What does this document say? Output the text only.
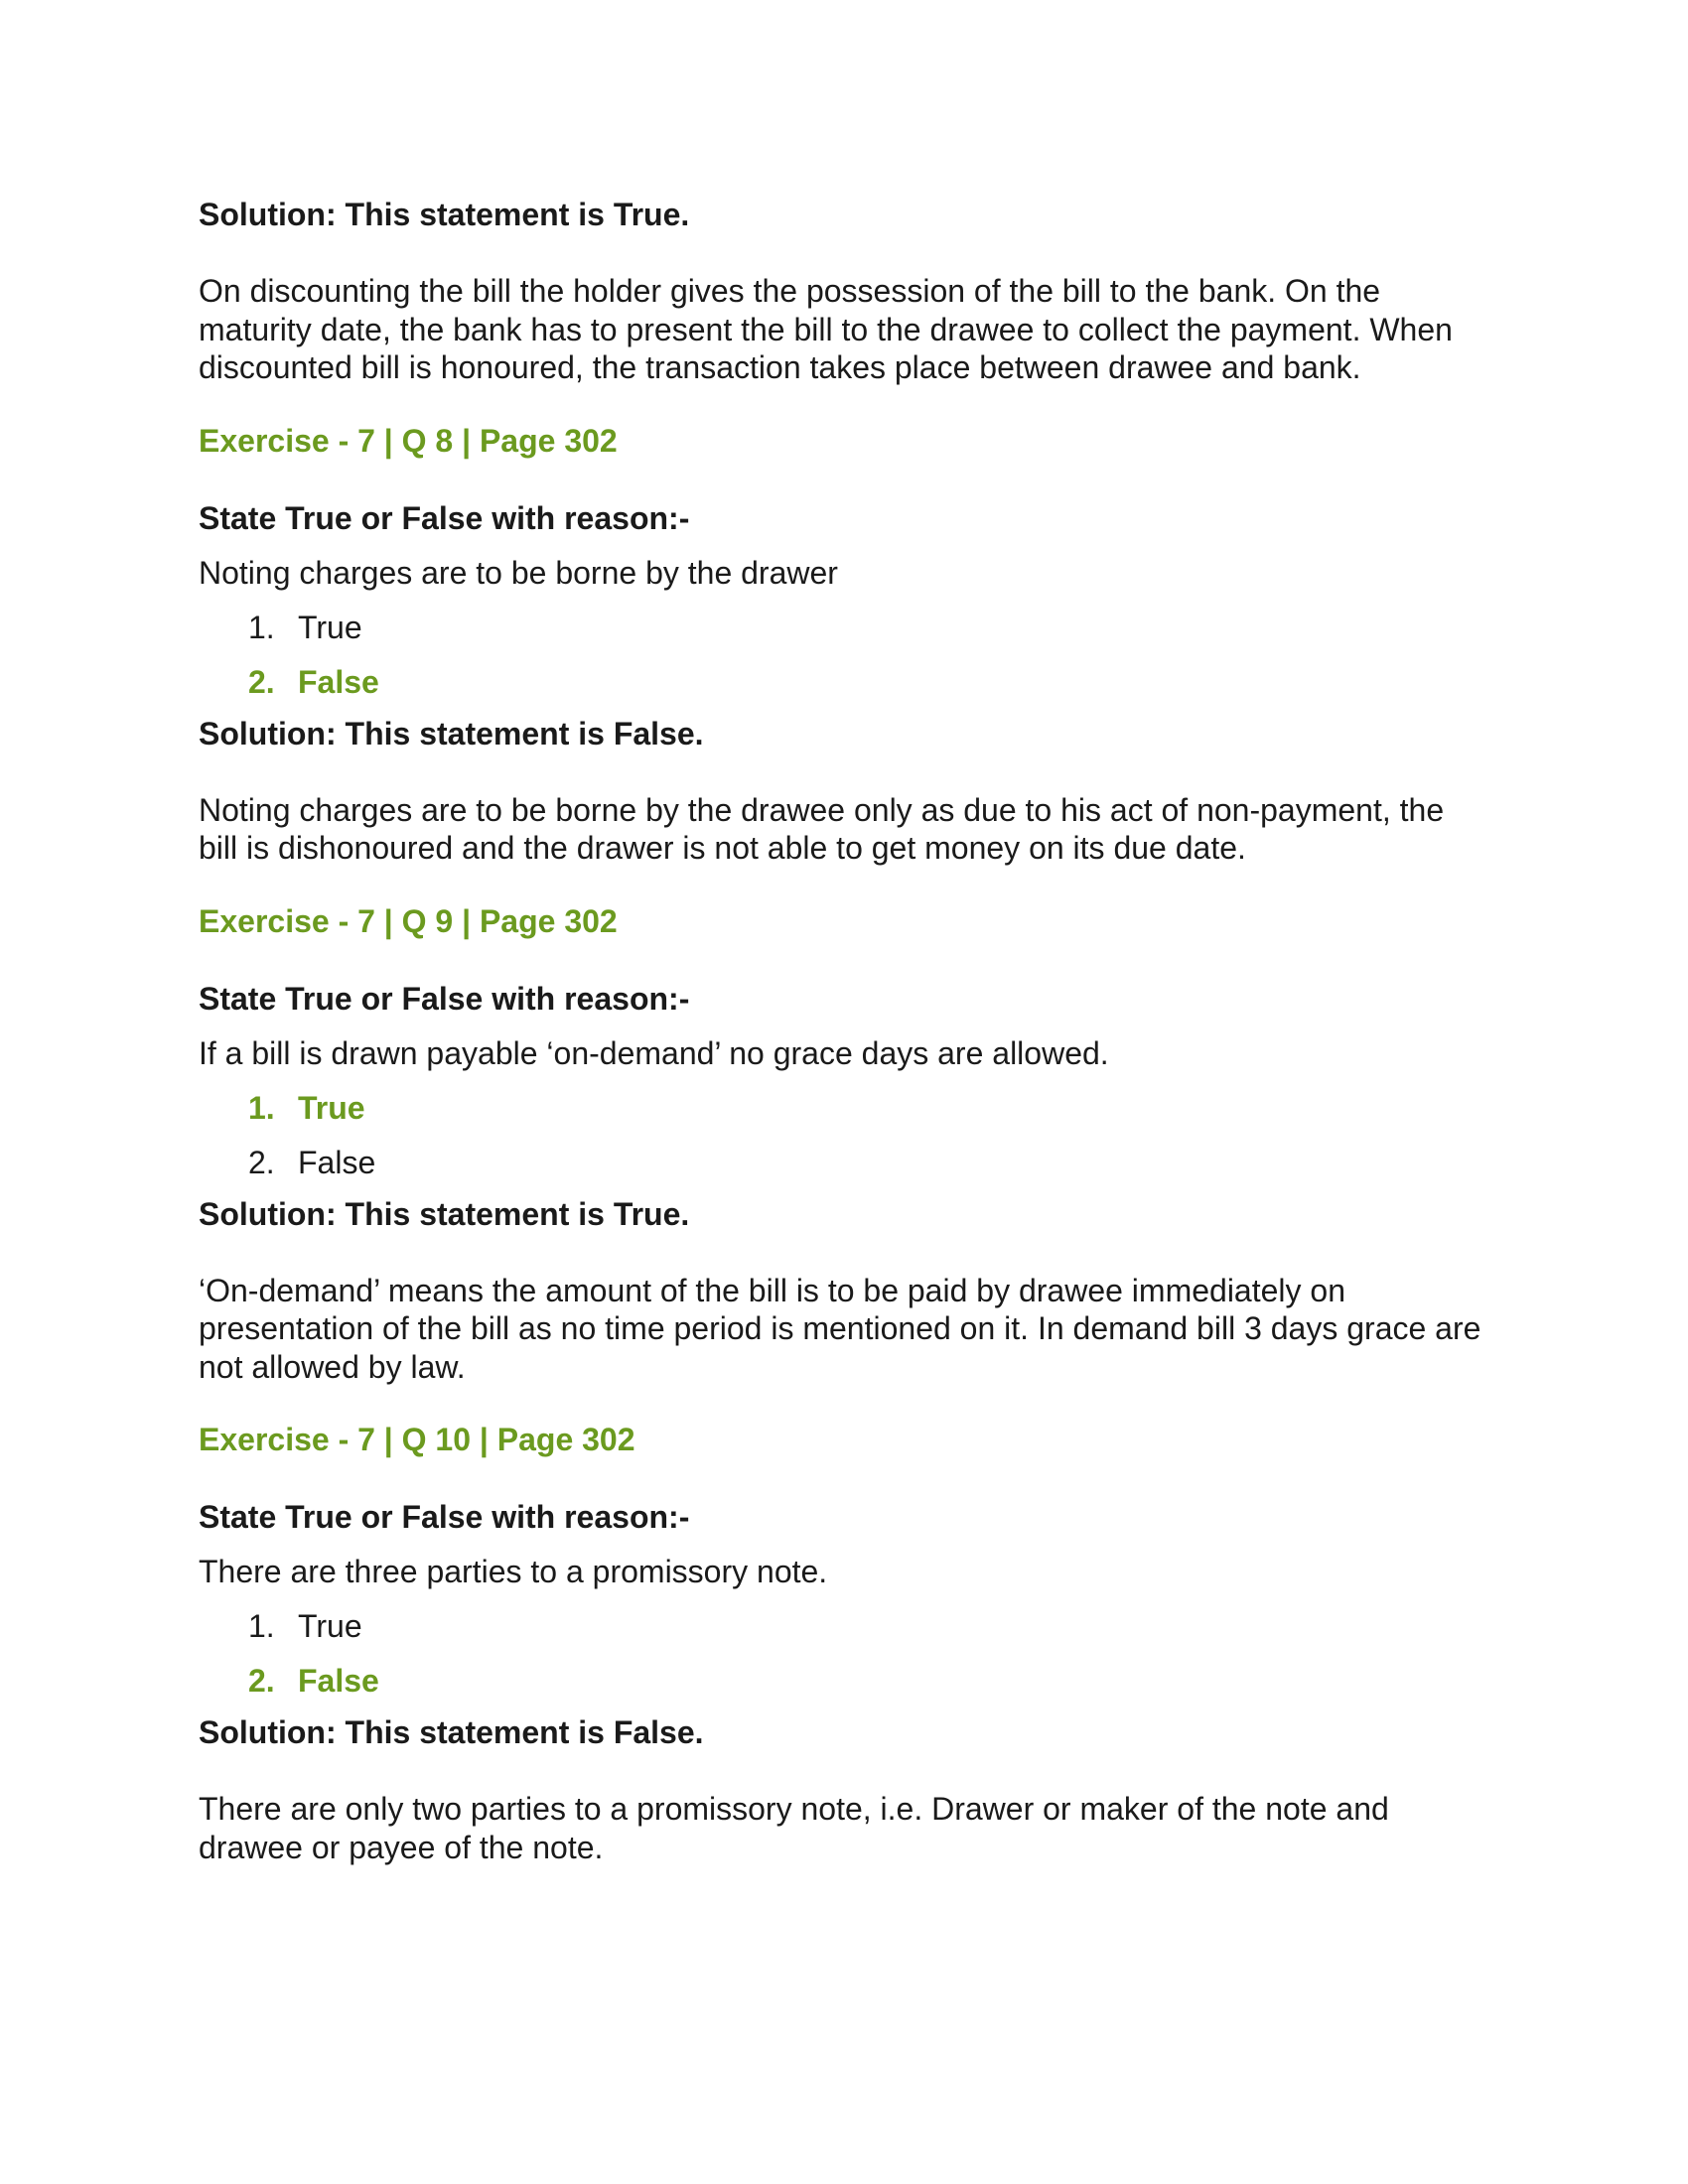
Solution: This statement is True.

On discounting the bill the holder gives the possession of the bill to the bank. On the maturity date, the bank has to present the bill to the drawee to collect the payment. When discounted bill is honoured, the transaction takes place between drawee and bank.

Exercise - 7 | Q 8 | Page 302

State True or False with reason:-

Noting charges are to be borne by the drawer

1. True
2. False

Solution: This statement is False.

Noting charges are to be borne by the drawee only as due to his act of non-payment, the bill is dishonoured and the drawer is not able to get money on its due date.

Exercise - 7 | Q 9 | Page 302

State True or False with reason:-

If a bill is drawn payable ‘on-demand’ no grace days are allowed.

1. True
2. False

Solution: This statement is True.

‘On-demand’ means the amount of the bill is to be paid by drawee immediately on presentation of the bill as no time period is mentioned on it. In demand bill 3 days grace are not allowed by law.

Exercise - 7 | Q 10 | Page 302

State True or False with reason:-

There are three parties to a promissory note.

1. True
2. False

Solution: This statement is False.

There are only two parties to a promissory note, i.e. Drawer or maker of the note and drawee or payee of the note.
